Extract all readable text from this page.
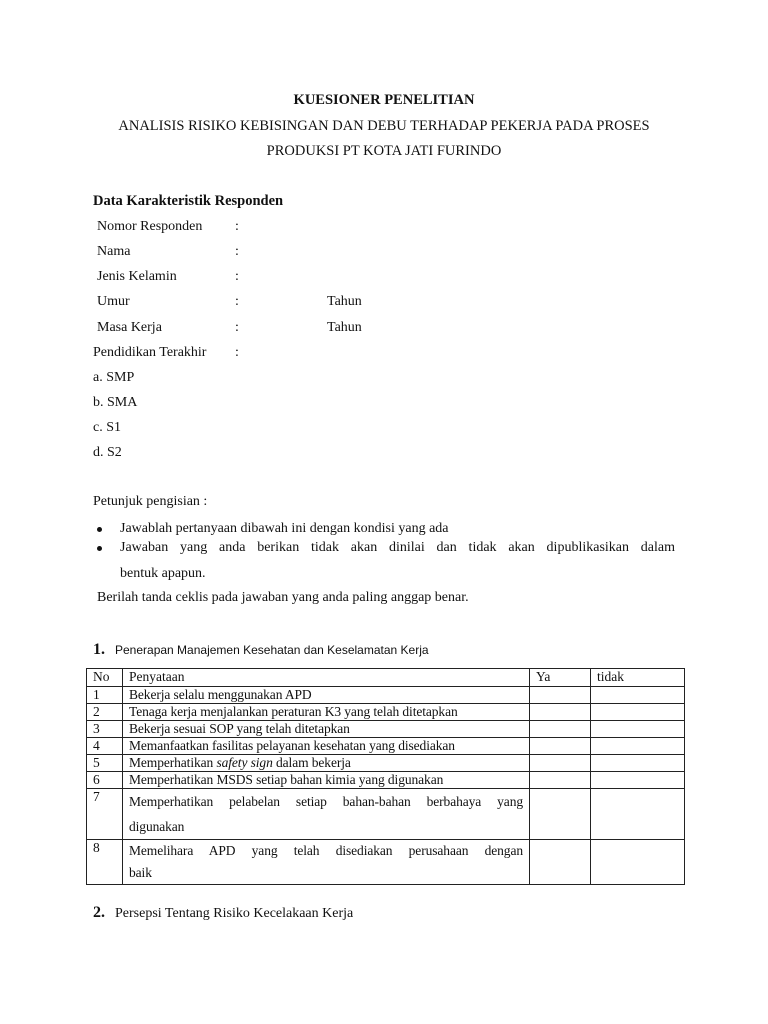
KUESIONER PENELITIAN
ANALISIS RISIKO KEBISINGAN DAN DEBU TERHADAP PEKERJA PADA PROSES
PRODUKSI PT KOTA JATI FURINDO
Data Karakteristik Responden
Nomor Responden :
Nama	:
Jenis Kelamin	:
Umur	:	Tahun
Masa Kerja	:	Tahun
Pendidikan Terakhir :
a. SMP
b. SMA
c. S1
d. S2
Petunjuk pengisian :
Jawablah pertanyaan dibawah ini dengan kondisi yang ada
Jawaban yang anda berikan tidak akan dinilai dan tidak akan dipublikasikan dalam
bentuk apapun.
Berilah tanda ceklis pada jawaban yang anda paling anggap benar.
1. Penerapan Manajemen Kesehatan dan Keselamatan Kerja
No	Penyataan	Ya	tidak
1	Bekerja selalu menggunakan APD		
2	Tenaga kerja menjalankan peraturan K3 yang telah ditetapkan		
3	Bekerja sesuai SOP yang telah ditetapkan		
4	Memanfaatkan fasilitas pelayanan kesehatan yang disediakan		
5	Memperhatikan safety sign dalam bekerja		
6	Memperhatikan MSDS setiap bahan kimia yang digunakan		
7	Memperhatikan pelabelan setiap bahan-bahan berbahaya yang
digunakan		

8	Memelihara APD yang telah disediakan perusahaan dengan
baik		

2. Persepsi Tentang Risiko Kecelakaan Kerja
